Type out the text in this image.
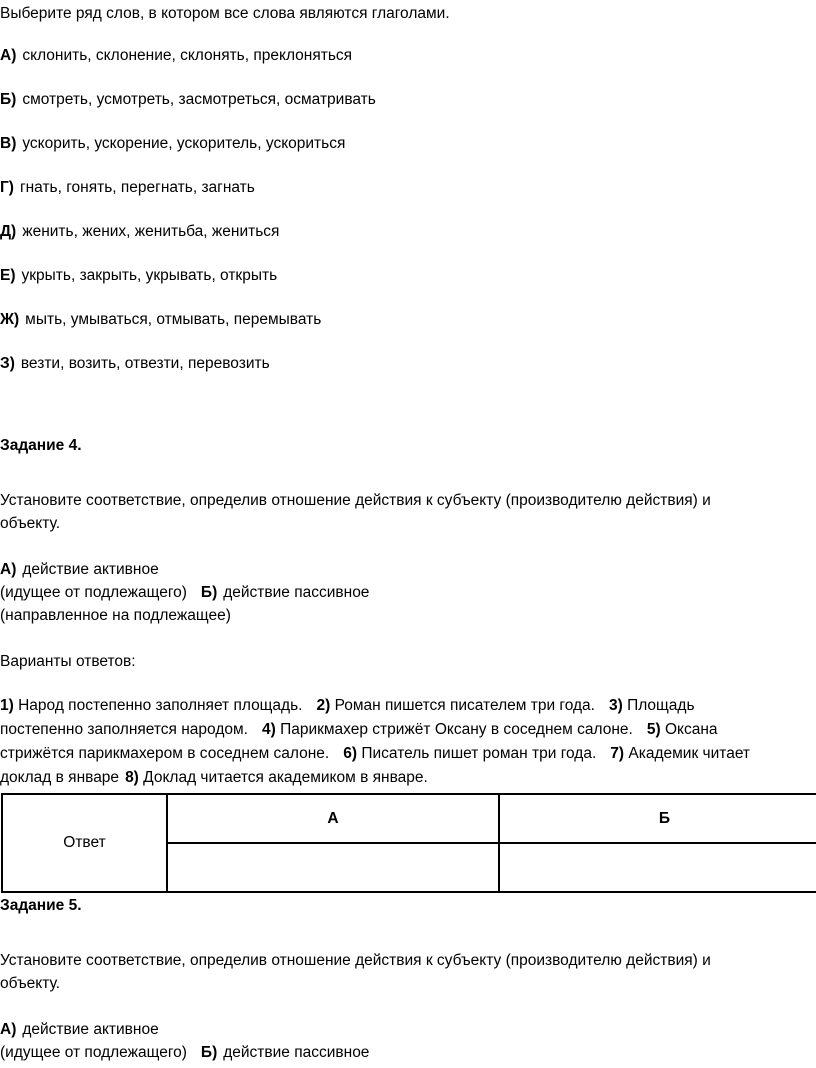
Выберите ряд слов, в котором все слова являются глаголами.
А) склонить, склонение, склонять, преклоняться
Б) смотреть, усмотреть, засмотреться, осматривать
В) ускорить, ускорение, ускоритель, ускориться
Г) гнать, гонять, перегнать, загнать
Д) женить, жених, женитьба, жениться
Е) укрыть, закрыть, укрывать, открыть
Ж) мыть, умываться, отмывать, перемывать
З) везти, возить, отвезти, перевозить
Задание 4.
Установите соответствие, определив отношение действия к субъекту (производителю действия) и
объекту.
А) действие активное
(идущее от подлежащего) Б) действие пассивное
(направленное на подлежащее)
Варианты ответов:
1) Народ постепенно заполняет площадь. 2) Роман пишется писателем три года. 3) Площадь
постепенно заполняется народом. 4) Парикмахер стрижёт Оксану в соседнем салоне. 5) Оксана
стрижётся парикмахером в соседнем салоне. 6) Писатель пишет роман три года. 7) Академик читает
доклад в январе 8) Доклад читается академиком в январе.
Ответ	А	Б

Задание 5.
Установите соответствие, определив отношение действия к субъекту (производителю действия) и
объекту.
А) действие активное
(идущее от подлежащего) Б) действие пассивное
